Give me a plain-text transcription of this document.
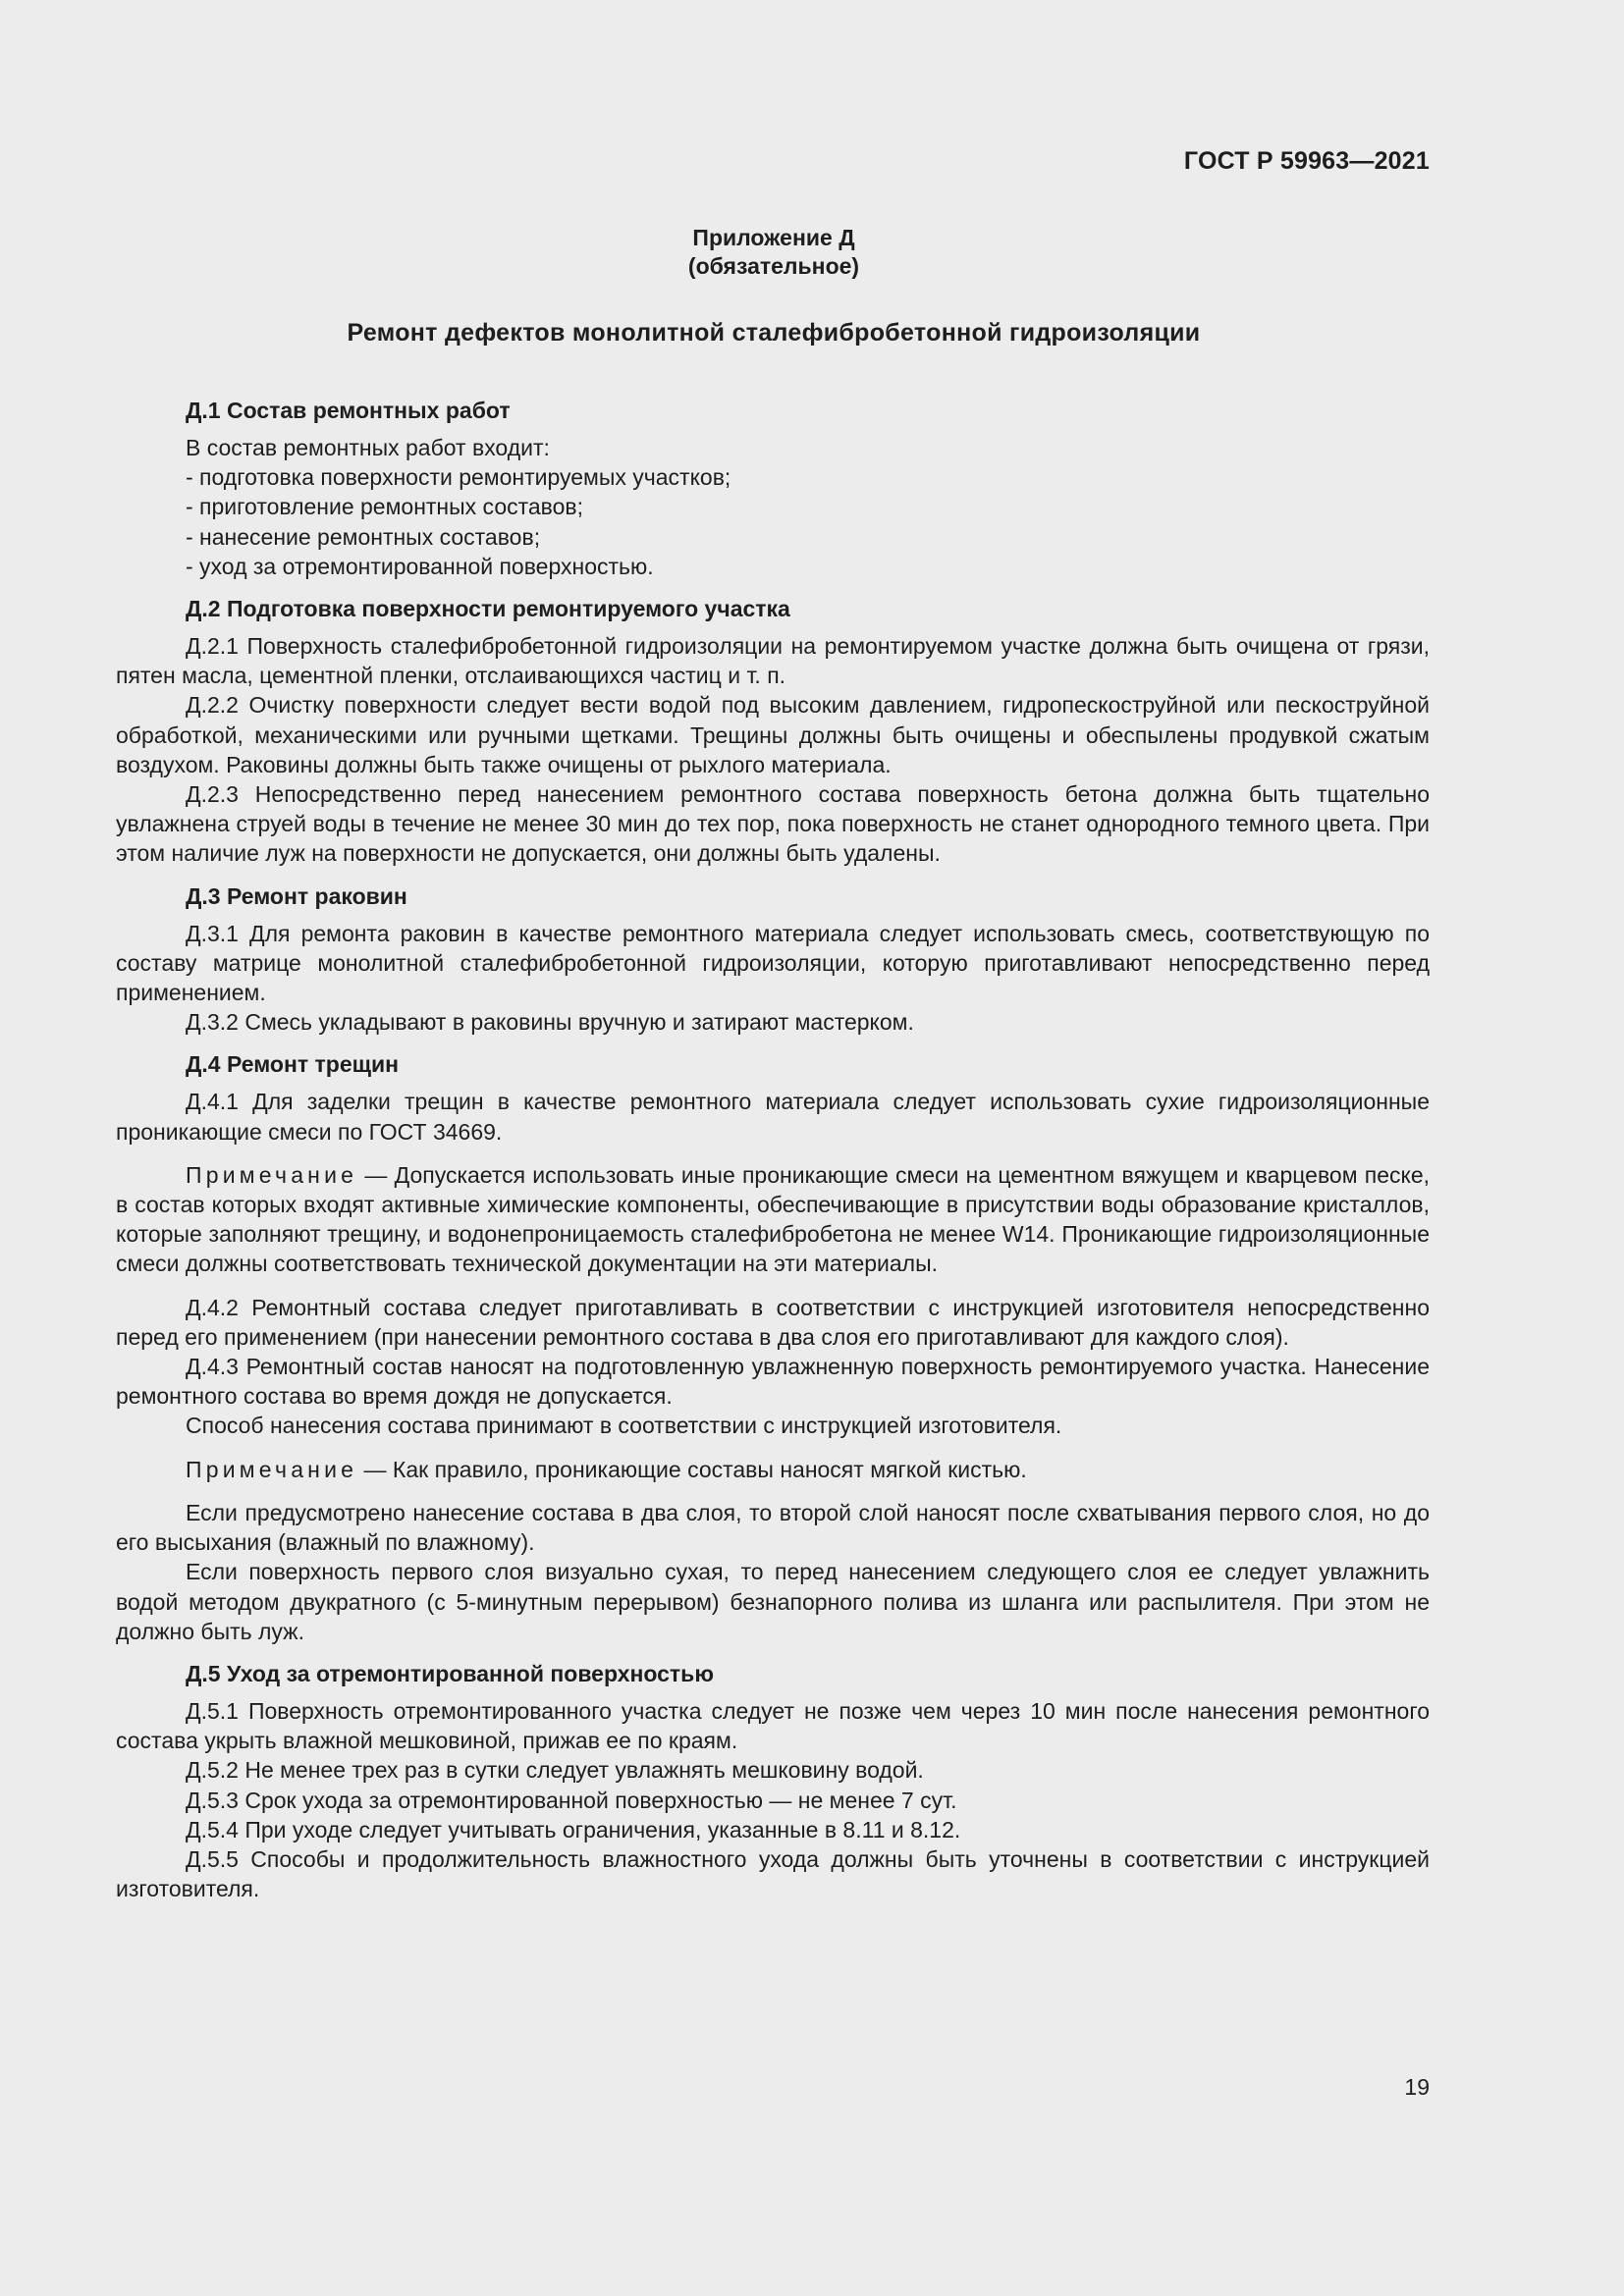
ГОСТ Р 59963—2021
Приложение Д
(обязательное)
Ремонт дефектов монолитной сталефибробетонной гидроизоляции
Д.1 Состав ремонтных работ

В состав ремонтных работ входит:

- подготовка поверхности ремонтируемых участков;

- приготовление ремонтных составов;

- нанесение ремонтных составов;

- уход за отремонтированной поверхностью.

Д.2 Подготовка поверхности ремонтируемого участка

Д.2.1 Поверхность сталефибробетонной гидроизоляции на ремонтируемом участке должна быть очищена от грязи, пятен масла, цементной пленки, отслаивающихся частиц и т. п.

Д.2.2 Очистку поверхности следует вести водой под высоким давлением, гидропескоструйной или пескоструйной обработкой, механическими или ручными щетками. Трещины должны быть очищены и обеспылены продувкой сжатым воздухом. Раковины должны быть также очищены от рыхлого материала.

Д.2.3 Непосредственно перед нанесением ремонтного состава поверхность бетона должна быть тщательно увлажнена струей воды в течение не менее 30 мин до тех пор, пока поверхность не станет однородного темного цвета. При этом наличие луж на поверхности не допускается, они должны быть удалены.

Д.3 Ремонт раковин

Д.3.1 Для ремонта раковин в качестве ремонтного материала следует использовать смесь, соответствующую по составу матрице монолитной сталефибробетонной гидроизоляции, которую приготавливают непосредственно перед применением.

Д.3.2 Смесь укладывают в раковины вручную и затирают мастерком.

Д.4 Ремонт трещин

Д.4.1 Для заделки трещин в качестве ремонтного материала следует использовать сухие гидроизоляционные проникающие смеси по ГОСТ 34669.

Примечание — Допускается использовать иные проникающие смеси на цементном вяжущем и кварцевом песке, в состав которых входят активные химические компоненты, обеспечивающие в присутствии воды образование кристаллов, которые заполняют трещину, и водонепроницаемость сталефибробетона не менее W14. Проникающие гидроизоляционные смеси должны соответствовать технической документации на эти материалы.

Д.4.2 Ремонтный состава следует приготавливать в соответствии с инструкцией изготовителя непосредственно перед его применением (при нанесении ремонтного состава в два слоя его приготавливают для каждого слоя).

Д.4.3 Ремонтный состав наносят на подготовленную увлажненную поверхность ремонтируемого участка. Нанесение ремонтного состава во время дождя не допускается.

Способ нанесения состава принимают в соответствии с инструкцией изготовителя.

Примечание — Как правило, проникающие составы наносят мягкой кистью.

Если предусмотрено нанесение состава в два слоя, то второй слой наносят после схватывания первого слоя, но до его высыхания (влажный по влажному).

Если поверхность первого слоя визуально сухая, то перед нанесением следующего слоя ее следует увлажнить водой методом двукратного (с 5-минутным перерывом) безнапорного полива из шланга или распылителя. При этом не должно быть луж.

Д.5 Уход за отремонтированной поверхностью

Д.5.1 Поверхность отремонтированного участка следует не позже чем через 10 мин после нанесения ремонтного состава укрыть влажной мешковиной, прижав ее по краям.

Д.5.2 Не менее трех раз в сутки следует увлажнять мешковину водой.

Д.5.3 Срок ухода за отремонтированной поверхностью — не менее 7 сут.

Д.5.4 При уходе следует учитывать ограничения, указанные в 8.11 и 8.12.

Д.5.5 Способы и продолжительность влажностного ухода должны быть уточнены в соответствии с инструкцией изготовителя.

19
